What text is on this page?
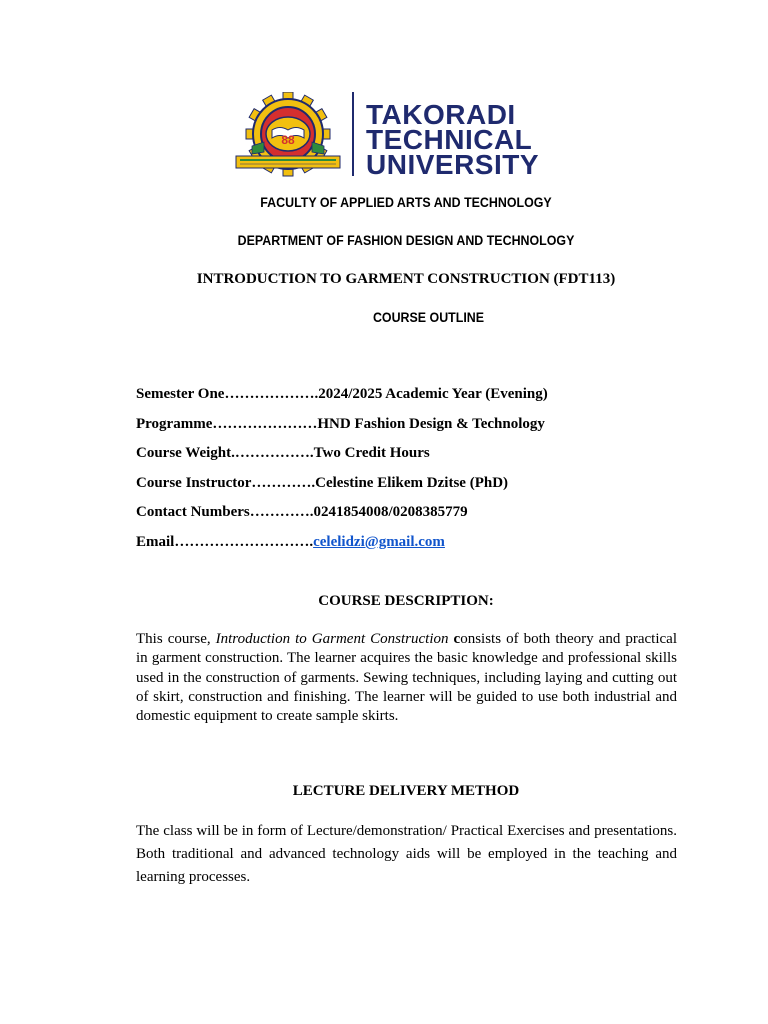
88
TAKORADI
TECHNICAL
UNIVERSITY
FACULTY OF APPLIED ARTS AND TECHNOLOGY
DEPARTMENT OF FASHION DESIGN AND TECHNOLOGY
INTRODUCTION TO GARMENT CONSTRUCTION (FDT113)
COURSE OUTLINE
Semester One……………….2024/2025 Academic Year (Evening)
Programme…………………HND Fashion Design & Technology
Course Weight.…………….Two Credit Hours
Course Instructor………….Celestine Elikem Dzitse (PhD)
Contact Numbers………….0241854008/0208385779
Email……………………….celelidzi@gmail.com
COURSE DESCRIPTION:
This course, Introduction to Garment Construction consists of both theory and practical in garment construction. The learner acquires the basic knowledge and professional skills used in the construction of garments. Sewing techniques, including laying and cutting out of skirt, construction and finishing. The learner will be guided to use both industrial and domestic equipment to create sample skirts.
LECTURE DELIVERY METHOD
The class will be in form of Lecture/demonstration/ Practical Exercises and presentations. Both traditional and advanced technology aids will be employed in the teaching and learning processes.
